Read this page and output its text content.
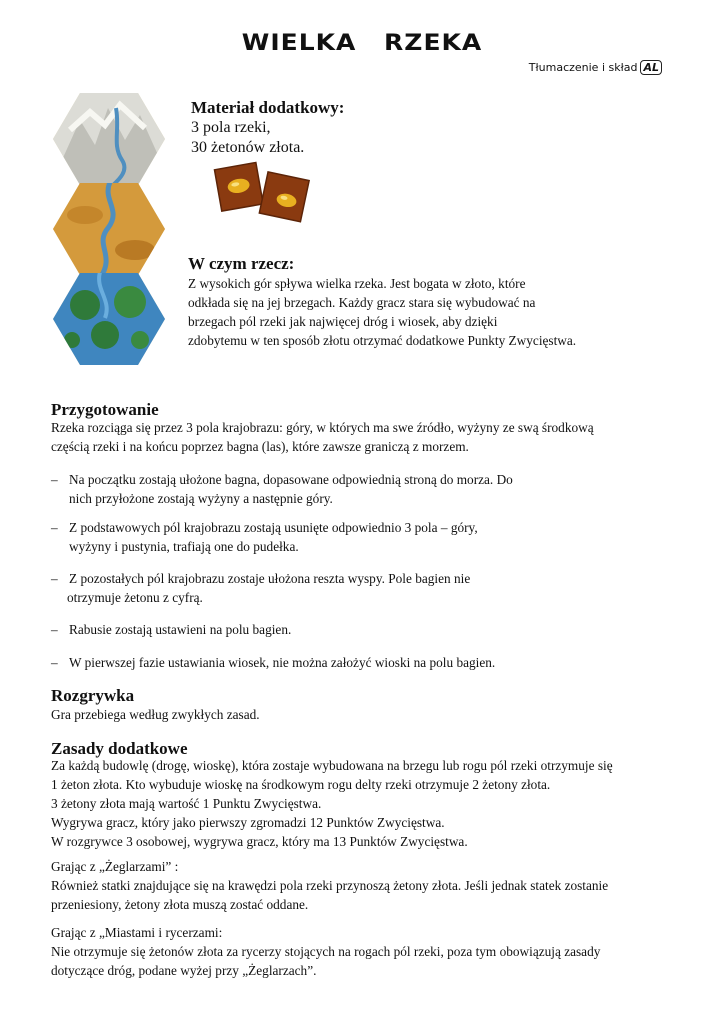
WIELKA RZEKA
Tłumaczenie i skład AL
Materiał dodatkowy:
3 pola rzeki,
30 żetonów złota.
W czym rzecz:
Z wysokich gór spływa wielka rzeka. Jest bogata w złoto, które
odkłada się na jej brzegach. Każdy gracz stara się wybudować na
brzegach pól rzeki jak najwięcej dróg i wiosek, aby dzięki
zdobytemu w ten sposób złotu otrzymać dodatkowe Punkty Zwycięstwa.
Przygotowanie
Rzeka rozciąga się przez 3 pola krajobrazu: góry, w których ma swe źródło, wyżyny ze swą środkową
częścią rzeki i na końcu poprzez bagna (las), które zawsze graniczą z morzem.
– Na początku zostają ułożone bagna, dopasowane odpowiednią stroną do morza. Do
nich przyłożone zostają wyżyny a następnie góry.
– Z podstawowych pól krajobrazu zostają usunięte odpowiednio 3 pola – góry,
wyżyny i pustynia, trafiają one do pudełka.
– Z pozostałych pól krajobrazu zostaje ułożona reszta wyspy. Pole bagien nie
otrzymuje żetonu z cyfrą.
– Rabusie zostają ustawieni na polu bagien.
– W pierwszej fazie ustawiania wiosek, nie można założyć wioski na polu bagien.
Rozgrywka
Gra przebiega według zwykłych zasad.
Zasady dodatkowe
Za każdą budowlę (drogę, wioskę), która zostaje wybudowana na brzegu lub rogu pól rzeki otrzymuje się
1 żeton złota. Kto wybuduje wioskę na środkowym rogu delty rzeki otrzymuje 2 żetony złota.
3 żetony złota mają wartość 1 Punktu Zwycięstwa.
Wygrywa gracz, który jako pierwszy zgromadzi 12 Punktów Zwycięstwa.
W rozgrywce 3 osobowej, wygrywa gracz, który ma 13 Punktów Zwycięstwa.
Grając z „Żeglarzami” :
Również statki znajdujące się na krawędzi pola rzeki przynoszą żetony złota. Jeśli jednak statek zostanie
przeniesiony, żetony złota muszą zostać oddane.
Grając z „Miastami i rycerzami:
Nie otrzymuje się żetonów złota za rycerzy stojących na rogach pól rzeki, poza tym obowiązują zasady
dotyczące dróg, podane wyżej przy „Żeglarzach”.
